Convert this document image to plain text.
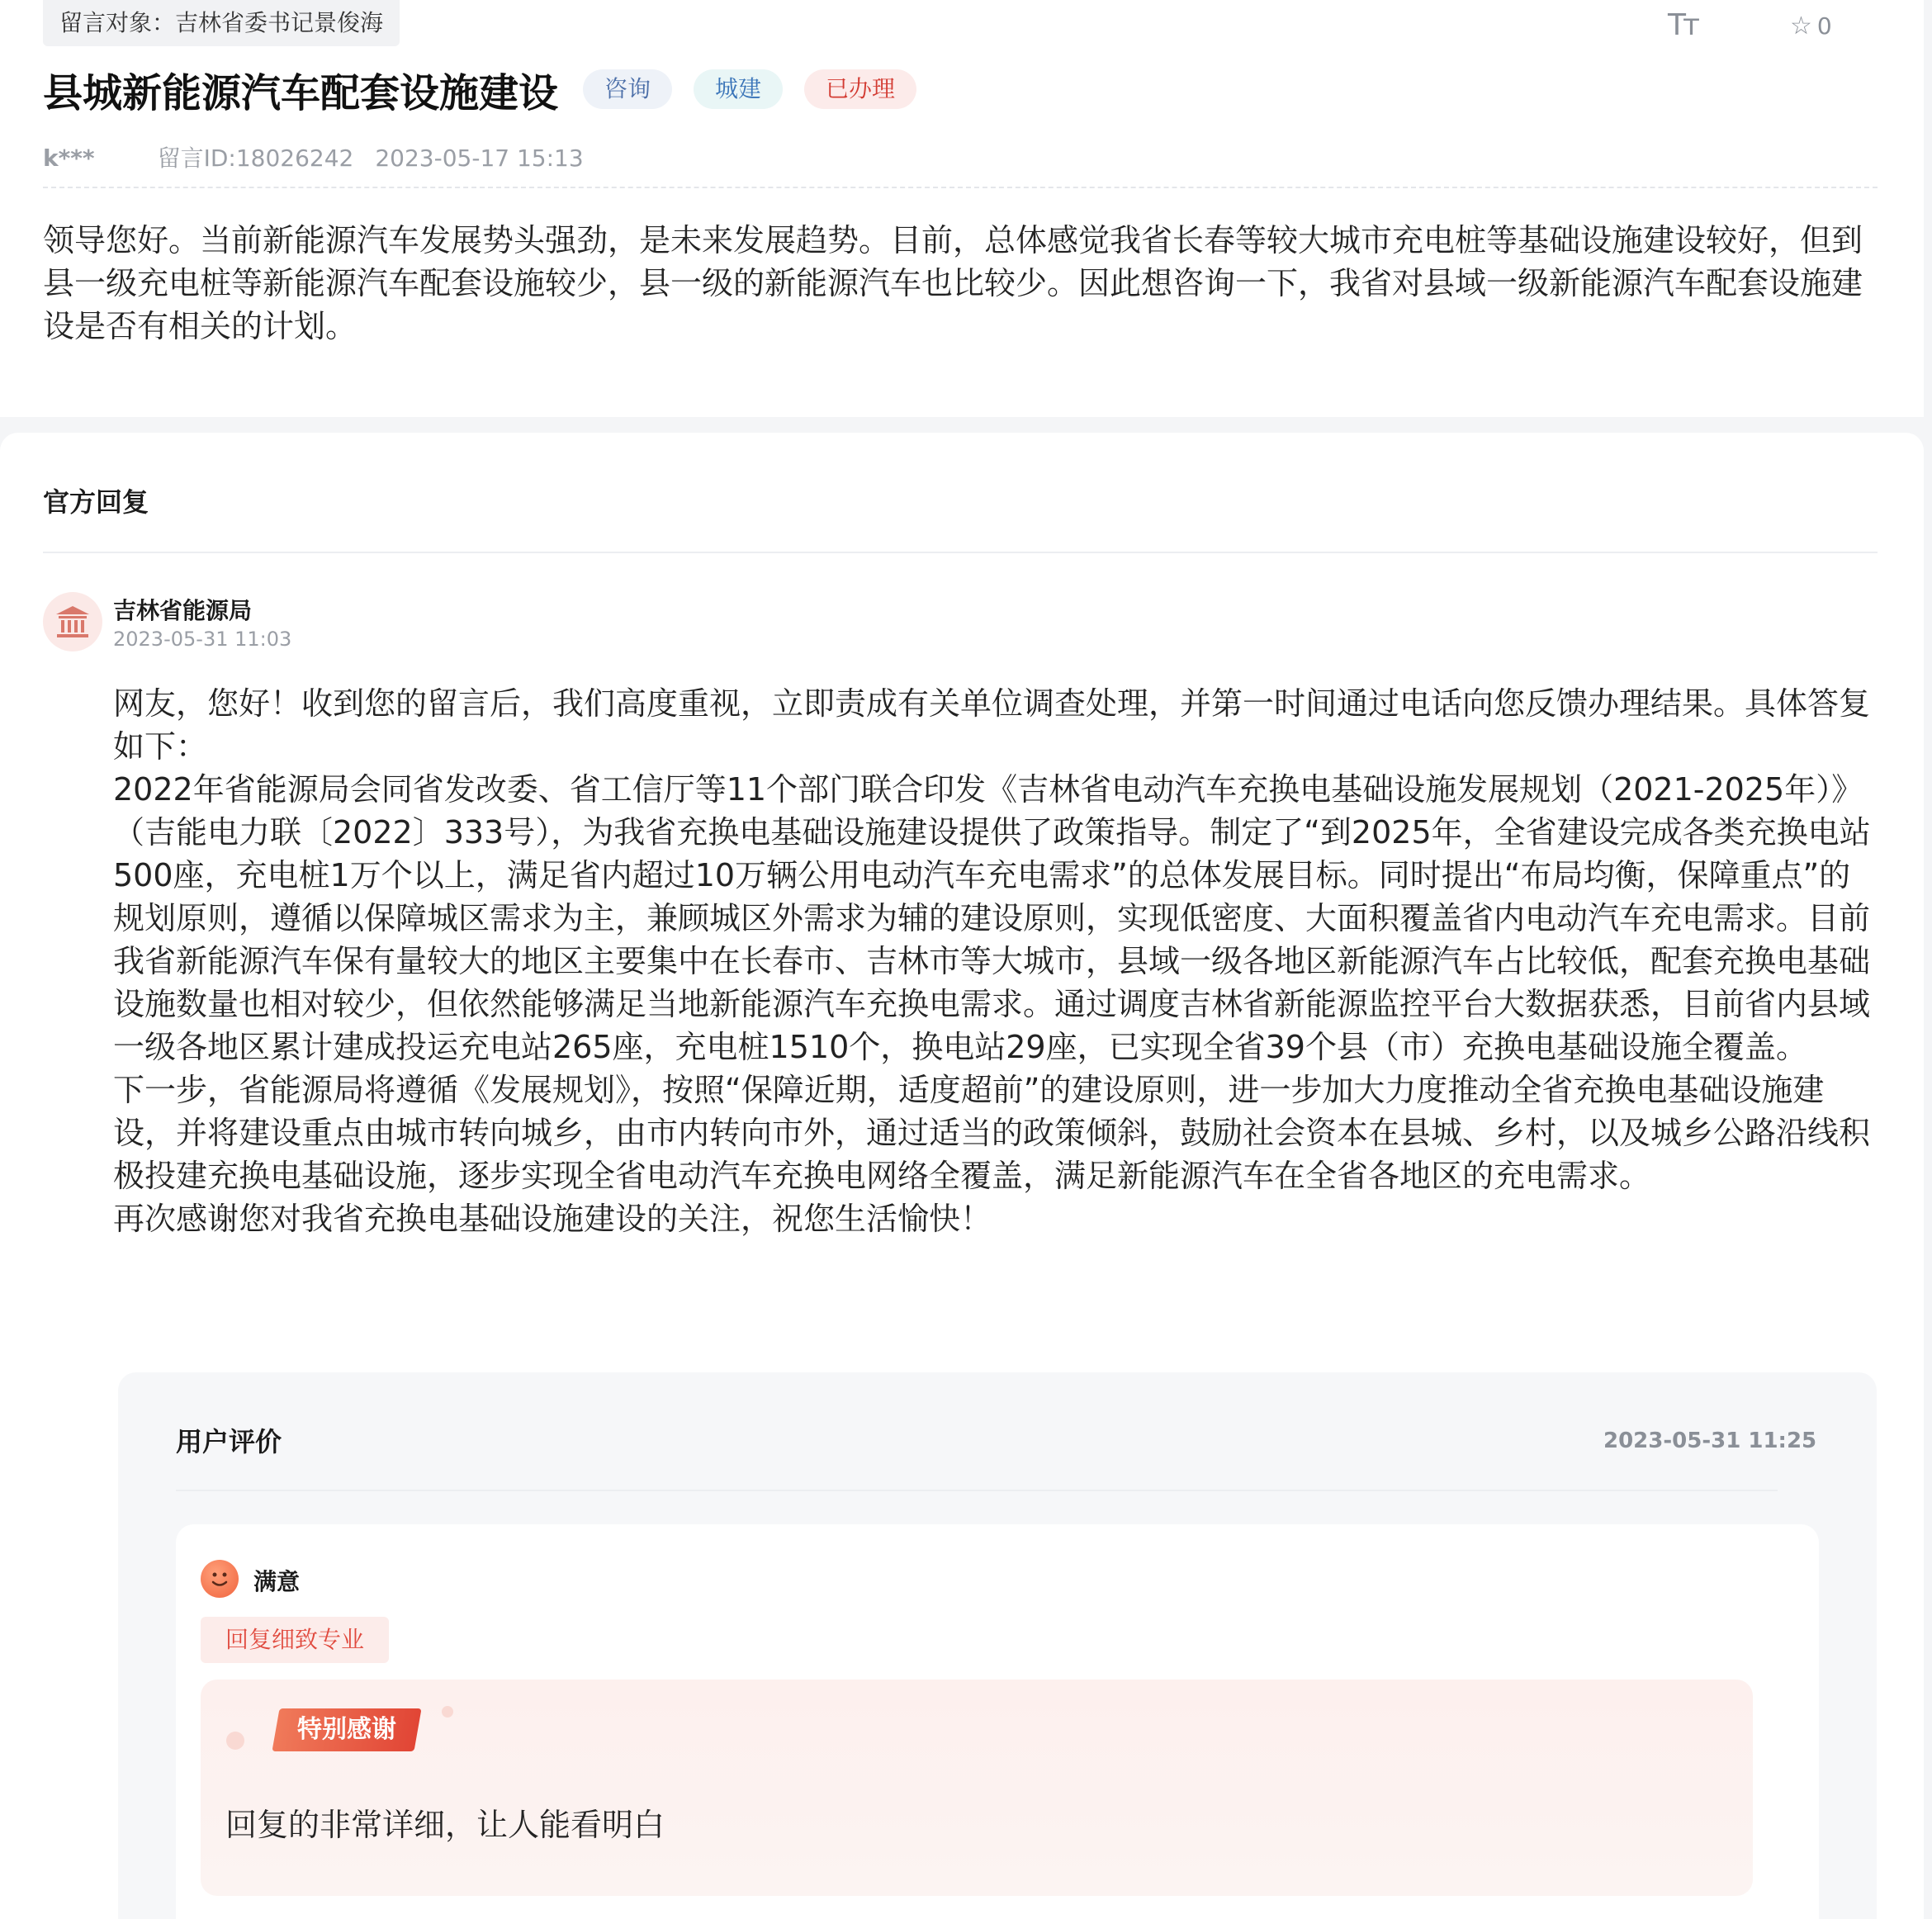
留言对象：吉林省委书记景俊海	Tт	☆ 0
县城新能源汽车配套设施建设	咨询	城建	已办理
k***	留言ID:18026242 2023-05-17 15:13
领导您好。当前新能源汽车发展势头强劲，是未来发展趋势。目前，总体感觉我省长春等较大城市充电桩等基础设施建设较好，但到县一级充电桩等新能源汽车配套设施较少，县一级的新能源汽车也比较少。因此想咨询一下，我省对县域一级新能源汽车配套设施建设是否有相关的计划。
官方回复
吉林省能源局
2023-05-31 11:03

网友，您好！收到您的留言后，我们高度重视，立即责成有关单位调查处理，并第一时间通过电话向您反馈办理结果。具体答复如下：

2022年省能源局会同省发改委、省工信厅等11个部门联合印发《吉林省电动汽车充换电基础设施发展规划（2021-2025年）》（吉能电力联〔2022〕333号），为我省充换电基础设施建设提供了政策指导。制定了“到2025年，全省建设完成各类充换电站500座，充电桩1万个以上，满足省内超过10万辆公用电动汽车充电需求”的总体发展目标。同时提出“布局均衡，保障重点”的规划原则，遵循以保障城区需求为主，兼顾城区外需求为辅的建设原则，实现低密度、大面积覆盖省内电动汽车充电需求。目前我省新能源汽车保有量较大的地区主要集中在长春市、吉林市等大城市，县域一级各地区新能源汽车占比较低，配套充换电基础设施数量也相对较少，但依然能够满足当地新能源汽车充换电需求。通过调度吉林省新能源监控平台大数据获悉，目前省内县域一级各地区累计建成投运充电站265座，充电桩1510个，换电站29座，已实现全省39个县（市）充换电基础设施全覆盖。

下一步，省能源局将遵循《发展规划》，按照“保障近期，适度超前”的建设原则，进一步加大力度推动全省充换电基础设施建设，并将建设重点由城市转向城乡，由市内转向市外，通过适当的政策倾斜，鼓励社会资本在县城、乡村，以及城乡公路沿线积极投建充换电基础设施，逐步实现全省电动汽车充换电网络全覆盖，满足新能源汽车在全省各地区的充电需求。

再次感谢您对我省充换电基础设施建设的关注，祝您生活愉快！

用户评价	2023-05-31 11:25
满意
回复细致专业
特别感谢
回复的非常详细，让人能看明白
